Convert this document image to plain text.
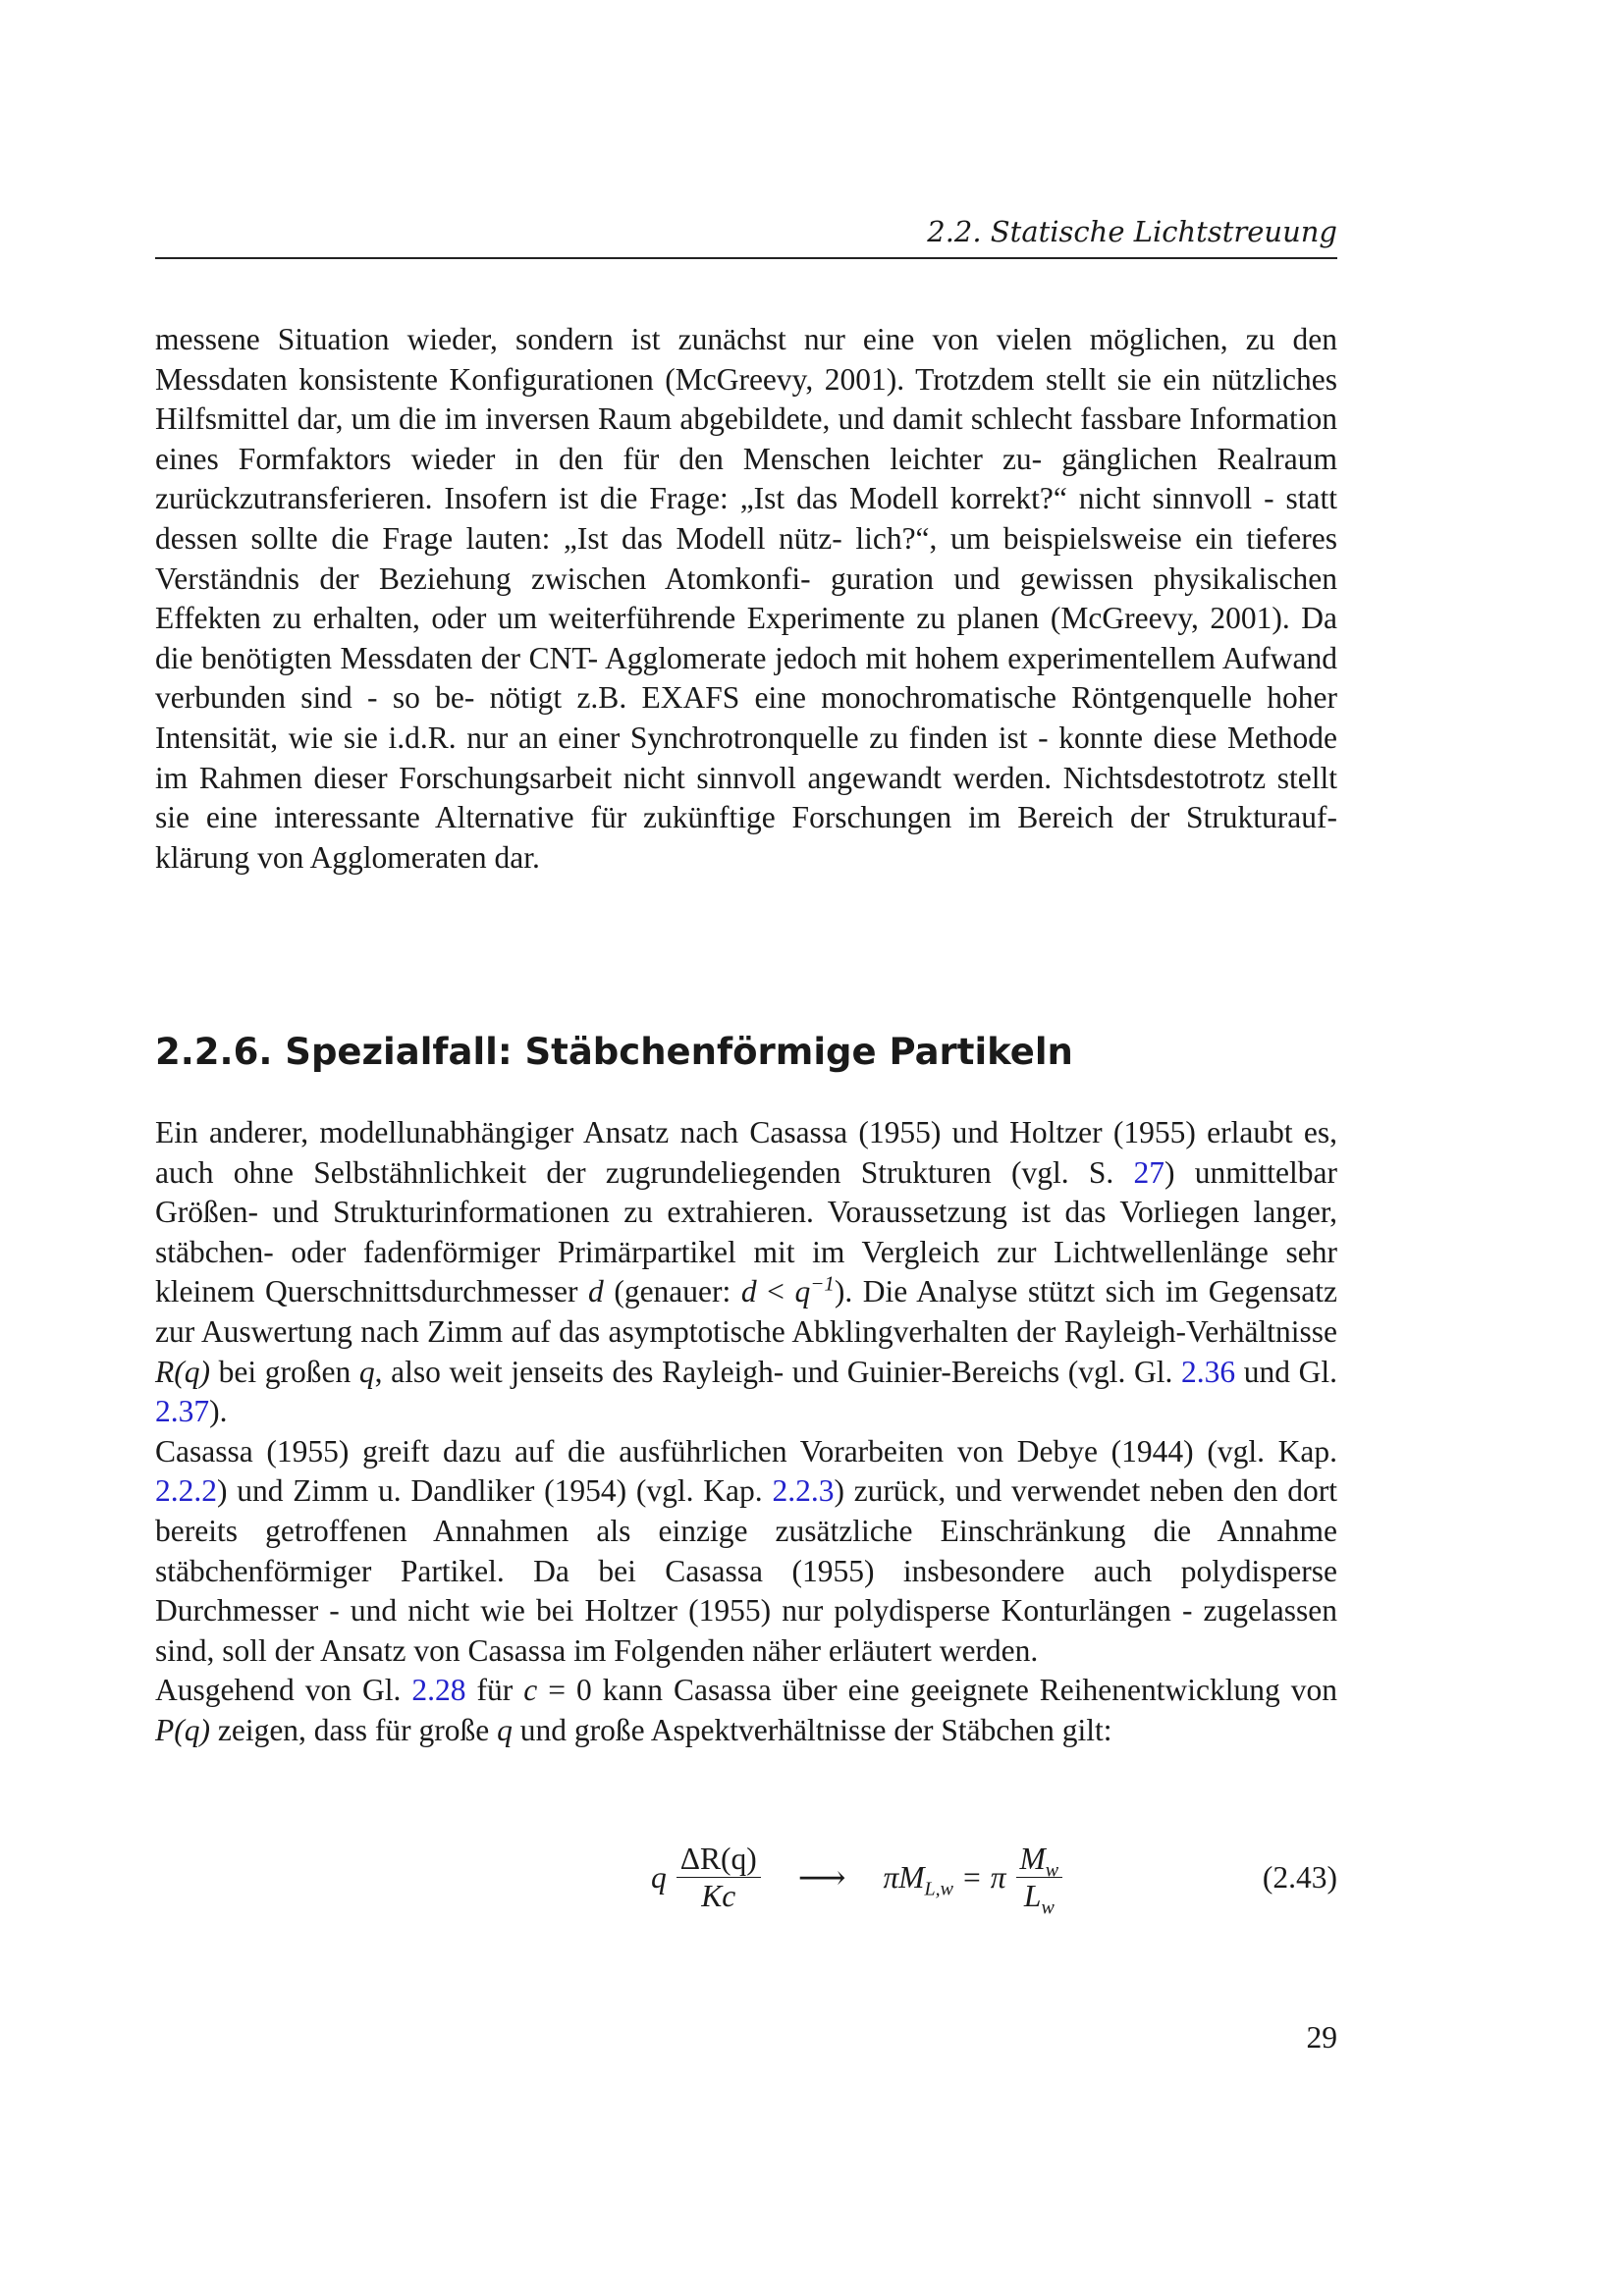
2.2. Statische Lichtstreuung

messene Situation wieder, sondern ist zunächst nur eine von vielen möglichen, zu den Messdaten konsistente Konfigurationen (McGreevy, 2001). Trotzdem stellt sie ein nützliches Hilfsmittel dar, um die im inversen Raum abgebildete, und damit schlecht fassbare Information eines Formfaktors wieder in den für den Menschen leichter zu- gänglichen Realraum zurückzutransferieren. Insofern ist die Frage: „Ist das Modell korrekt?“ nicht sinnvoll - statt dessen sollte die Frage lauten: „Ist das Modell nütz- lich?“, um beispielsweise ein tieferes Verständnis der Beziehung zwischen Atomkonfi- guration und gewissen physikalischen Effekten zu erhalten, oder um weiterführende Experimente zu planen (McGreevy, 2001). Da die benötigten Messdaten der CNT- Agglomerate jedoch mit hohem experimentellem Aufwand verbunden sind - so be- nötigt z.B. EXAFS eine monochromatische Röntgenquelle hoher Intensität, wie sie i.d.R. nur an einer Synchrotronquelle zu finden ist - konnte diese Methode im Rahmen dieser Forschungsarbeit nicht sinnvoll angewandt werden. Nichtsdestotrotz stellt sie eine interessante Alternative für zukünftige Forschungen im Bereich der Strukturauf- klärung von Agglomeraten dar.

2.2.6. Spezialfall: Stäbchenförmige Partikeln

Ein anderer, modellunabhängiger Ansatz nach Casassa (1955) und Holtzer (1955) erlaubt es, auch ohne Selbstähnlichkeit der zugrundeliegenden Strukturen (vgl. S. 27) unmittelbar Größen- und Strukturinformationen zu extrahieren. Voraussetzung ist das Vorliegen langer, stäbchen- oder fadenförmiger Primärpartikel mit im Vergleich zur Lichtwellenlänge sehr kleinem Querschnittsdurchmesser d (genauer: $d < q^{-1}$). Die Analyse stützt sich im Gegensatz zur Auswertung nach Zimm auf das asymptotische Abklingverhalten der Rayleigh-Verhältnisse R(q) bei großen q, also weit jenseits des Rayleigh- und Guinier-Bereichs (vgl. Gl. 2.36 und Gl. 2.37).

Casassa (1955) greift dazu auf die ausführlichen Vorarbeiten von Debye (1944) (vgl. Kap. 2.2.2) und Zimm u. Dandliker (1954) (vgl. Kap. 2.2.3) zurück, und verwendet neben den dort bereits getroffenen Annahmen als einzige zusätzliche Einschränkung die Annahme stäbchenförmiger Partikel. Da bei Casassa (1955) insbesondere auch polydisperse Durchmesser - und nicht wie bei Holtzer (1955) nur polydisperse Konturlängen - zugelassen sind, soll der Ansatz von Casassa im Folgenden näher erläutert werden.

Ausgehend von Gl. 2.28 für c = 0 kann Casassa über eine geeignete Reihenentwicklung von P(q) zeigen, dass für große q und große Aspektverhältnisse der Stäbchen gilt:

q $\frac{\Delta R(q)}{Kc}$ ⟶ $\pi M_{L,w} = \pi \frac{M_w}{L_w}$	(2.43)
29
